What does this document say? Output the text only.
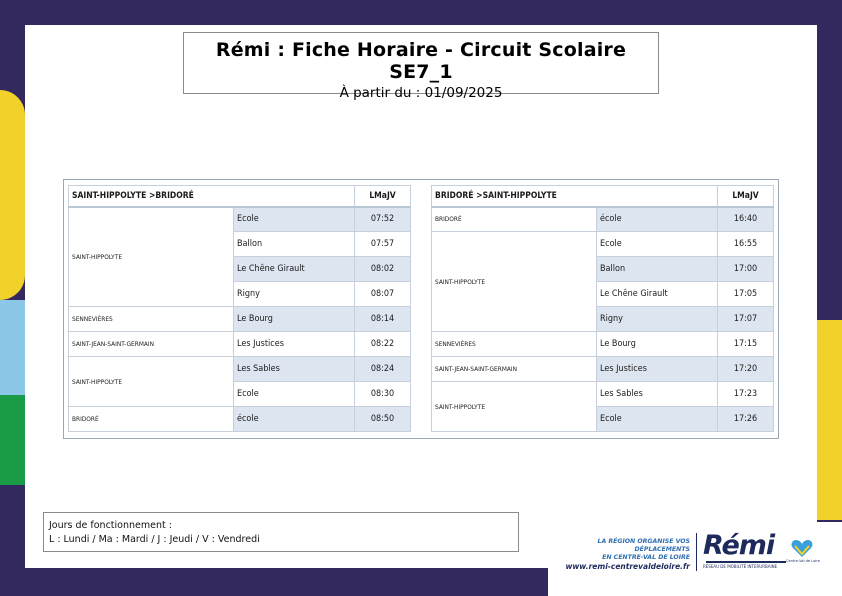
Rémi : Fiche Horaire - Circuit Scolaire SE7_1
À partir du : 01/09/2025
SAINT-HIPPOLYTE >BRIDORÉ		LMaJV
SAINT-HIPPOLYTE	Ecole	07:52
	Ballon	07:57
	Le Chêne Girault	08:02
	Rigny	08:07
SENNEVIÈRES	Le Bourg	08:14
SAINT-JEAN-SAINT-GERMAIN	Les Justices	08:22
SAINT-HIPPOLYTE	Les Sables	08:24
	Ecole	08:30
BRIDORÉ	école	08:50
BRIDORÉ >SAINT-HIPPOLYTE		LMaJV
BRIDORÉ	école	16:40
SAINT-HIPPOLYTE	Ecole	16:55
	Ballon	17:00
	Le Chêne Girault	17:05
	Rigny	17:07
SENNEVIÈRES	Le Bourg	17:15
SAINT-JEAN-SAINT-GERMAIN	Les Justices	17:20
SAINT-HIPPOLYTE	Les Sables	17:23
	Ecole	17:26
Jours de fonctionnement :
L : Lundi / Ma : Mardi / J : Jeudi / V : Vendredi	LA RÉGION ORGANISE VOS DÉPLACEMENTS
EN CENTRE-VAL DE LOIRE
www.remi-centrevaldeloire.fr
Rémi
RÉSEAU DE MOBILITÉ INTERURBAINE
Centre-Val de Loire
